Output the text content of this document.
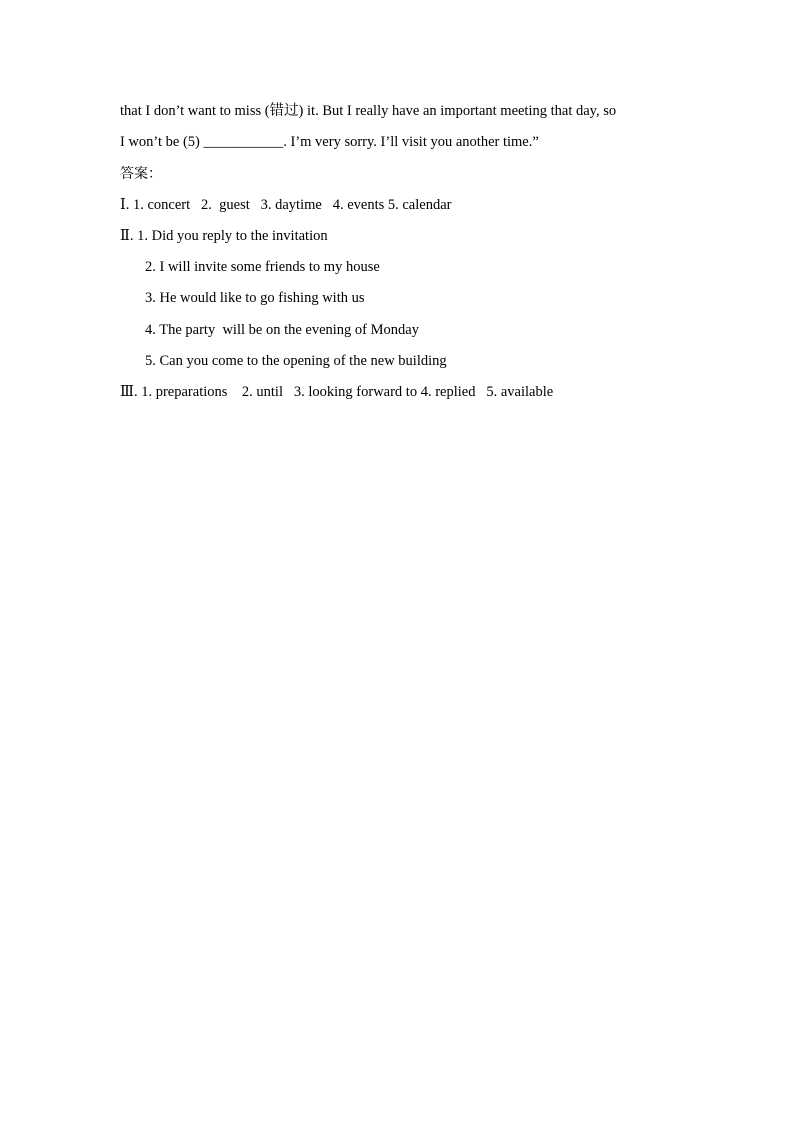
that I don’t want to miss (错过) it. But I really have an important meeting that day, so
I won’t be (5) ___________. I’m very sorry. I’ll visit you another time.”
答案：
Ⅰ. 1. concert   2.  guest   3. daytime   4. events 5. calendar
Ⅱ. 1. Did you reply to the invitation
2. I will invite some friends to my house
3. He would like to go fishing with us
4. The party  will be on the evening of Monday
5. Can you come to the opening of the new building
Ⅲ. 1. preparations    2. until   3. looking forward to 4. replied   5. available
